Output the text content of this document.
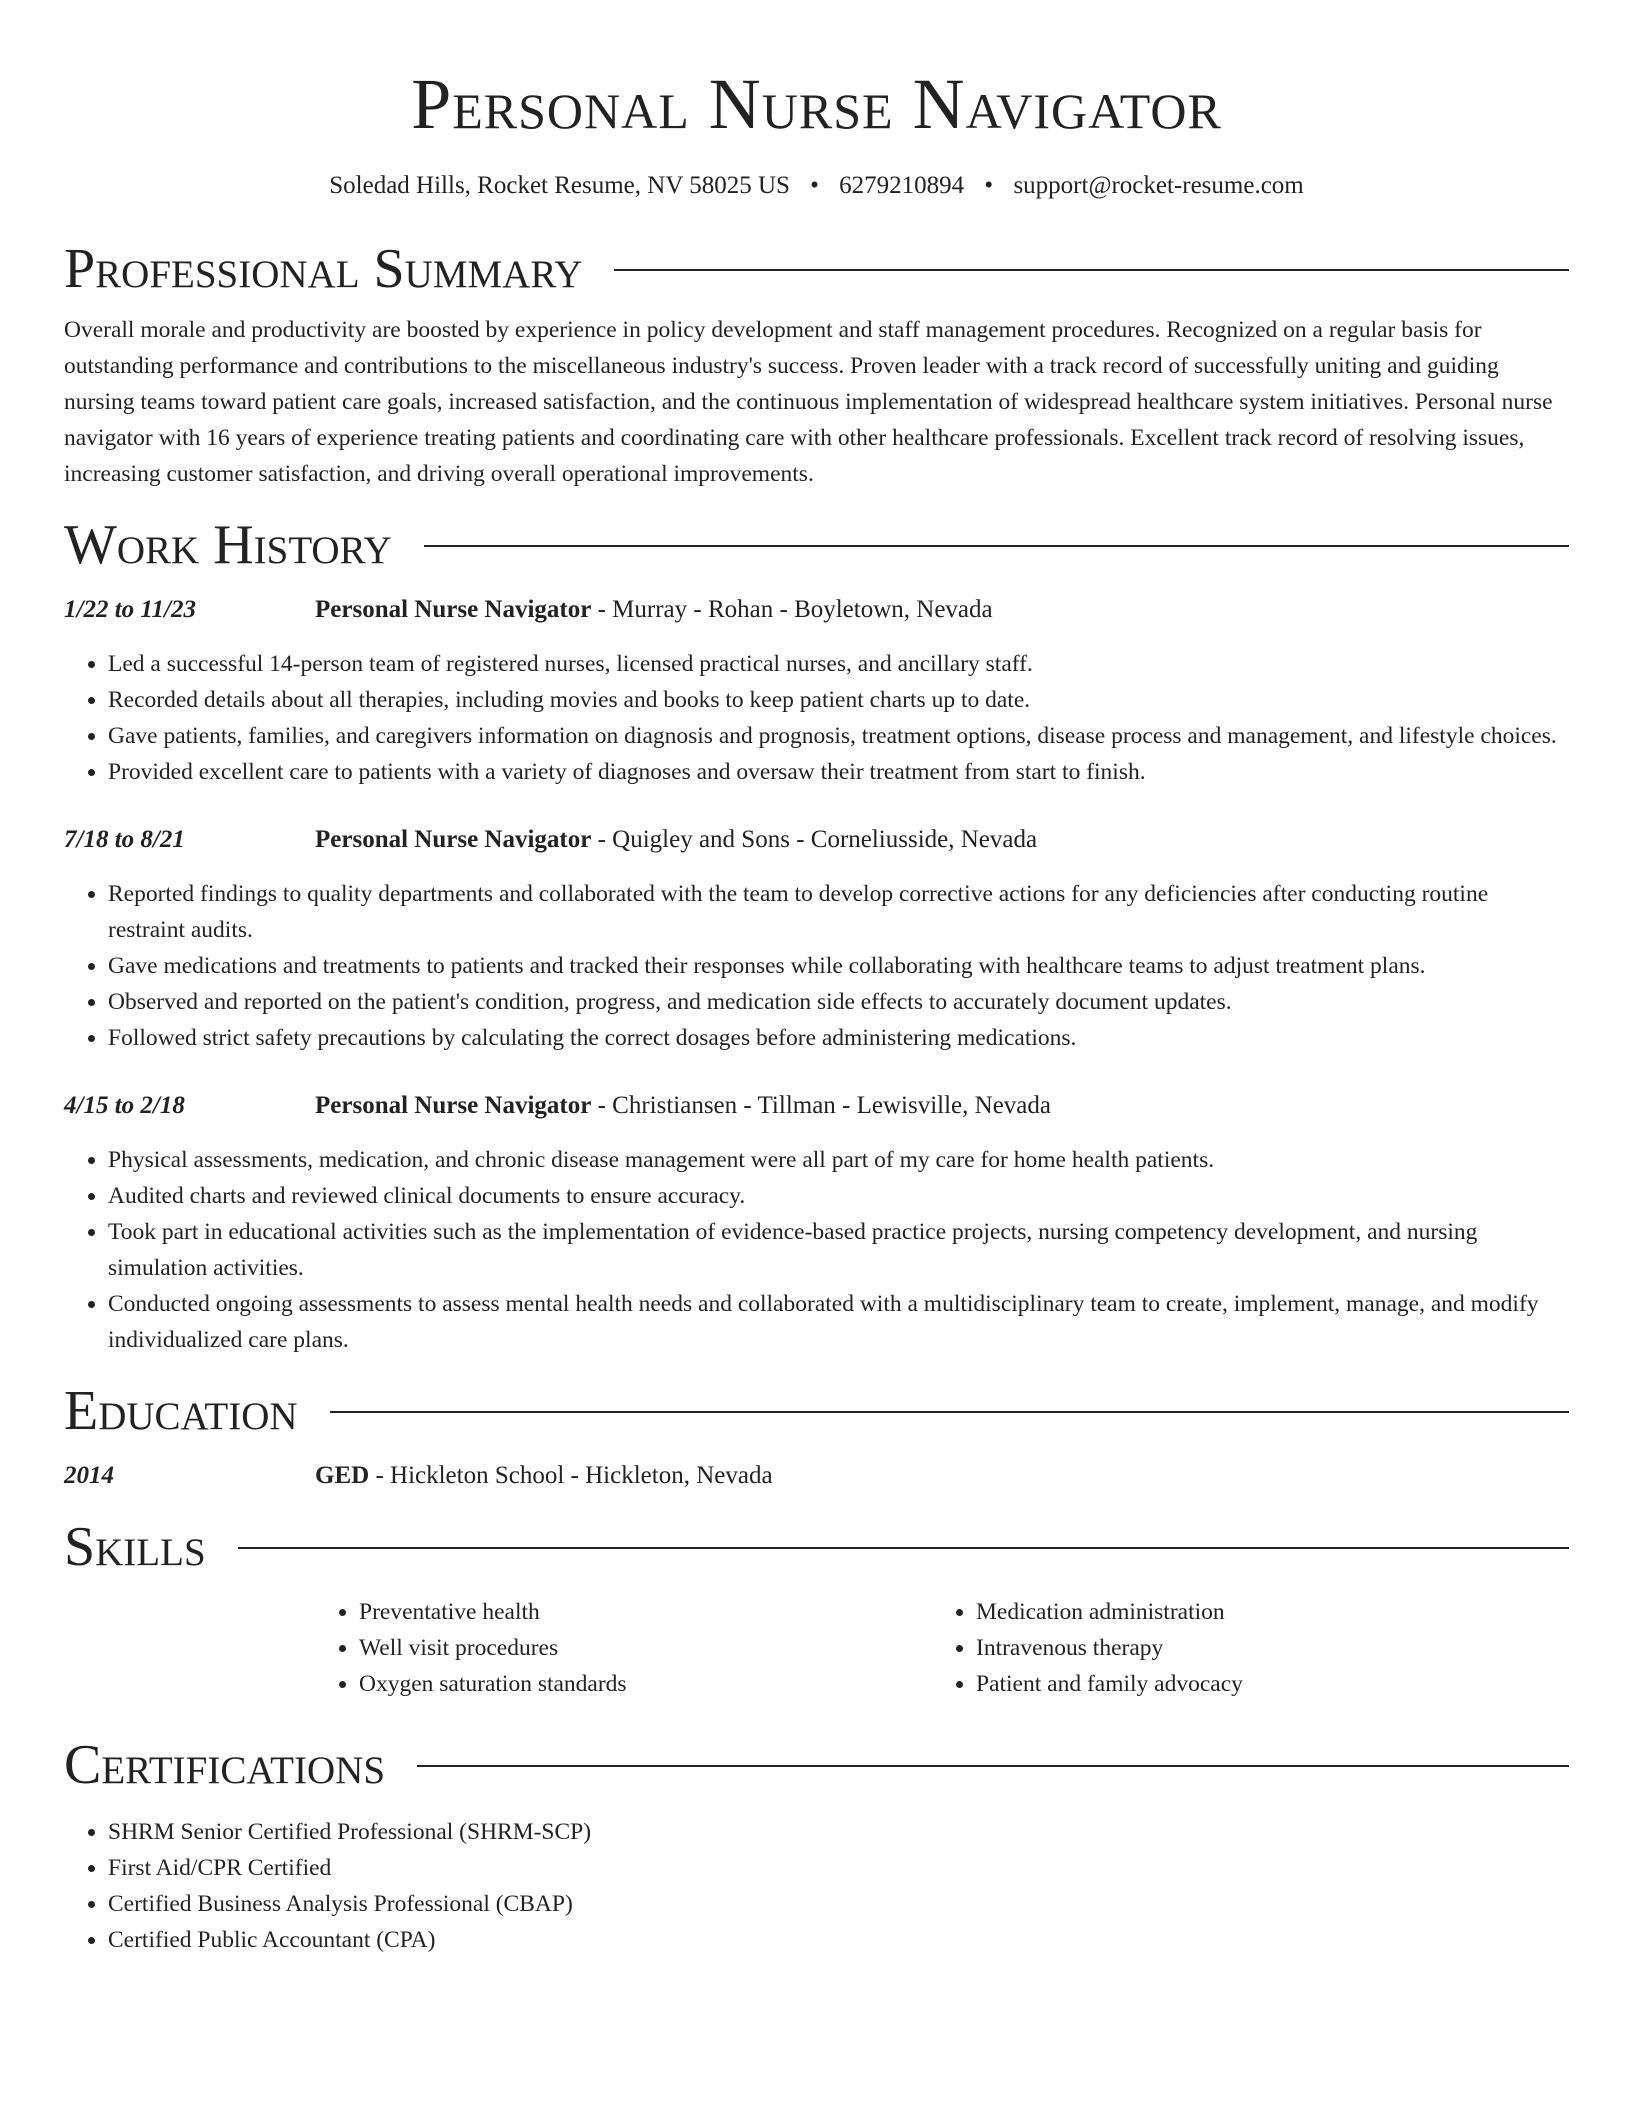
Personal Nurse Navigator
Soledad Hills, Rocket Resume, NV 58025 US • 6279210894 • support@rocket-resume.com
Professional Summary

Overall morale and productivity are boosted by experience in policy development and staff management procedures. Recognized on a regular basis for outstanding performance and contributions to the miscellaneous industry's success. Proven leader with a track record of successfully uniting and guiding nursing teams toward patient care goals, increased satisfaction, and the continuous implementation of widespread healthcare system initiatives. Personal nurse navigator with 16 years of experience treating patients and coordinating care with other healthcare professionals. Excellent track record of resolving issues, increasing customer satisfaction, and driving overall operational improvements.

Work History
1/22 to 11/23	Personal Nurse Navigator - Murray - Rohan - Boyletown, Nevada
• Led a successful 14-person team of registered nurses, licensed practical nurses, and ancillary staff.
• Recorded details about all therapies, including movies and books to keep patient charts up to date.
• Gave patients, families, and caregivers information on diagnosis and prognosis, treatment options, disease process and management, and lifestyle choices.
• Provided excellent care to patients with a variety of diagnoses and oversaw their treatment from start to finish.
7/18 to 8/21	Personal Nurse Navigator - Quigley and Sons - Corneliusside, Nevada
• Reported findings to quality departments and collaborated with the team to develop corrective actions for any deficiencies after conducting routine restraint audits.
• Gave medications and treatments to patients and tracked their responses while collaborating with healthcare teams to adjust treatment plans.
• Observed and reported on the patient's condition, progress, and medication side effects to accurately document updates.
• Followed strict safety precautions by calculating the correct dosages before administering medications.
4/15 to 2/18	Personal Nurse Navigator - Christiansen - Tillman - Lewisville, Nevada
• Physical assessments, medication, and chronic disease management were all part of my care for home health patients.
• Audited charts and reviewed clinical documents to ensure accuracy.
• Took part in educational activities such as the implementation of evidence-based practice projects, nursing competency development, and nursing simulation activities.
• Conducted ongoing assessments to assess mental health needs and collaborated with a multidisciplinary team to create, implement, manage, and modify individualized care plans.
Education
2014	GED - Hickleton School - Hickleton, Nevada
Skills
• Preventative health
• Well visit procedures
• Oxygen saturation standards
• Medication administration
• Intravenous therapy
• Patient and family advocacy
Certifications
• SHRM Senior Certified Professional (SHRM-SCP)
• First Aid/CPR Certified
• Certified Business Analysis Professional (CBAP)
• Certified Public Accountant (CPA)
